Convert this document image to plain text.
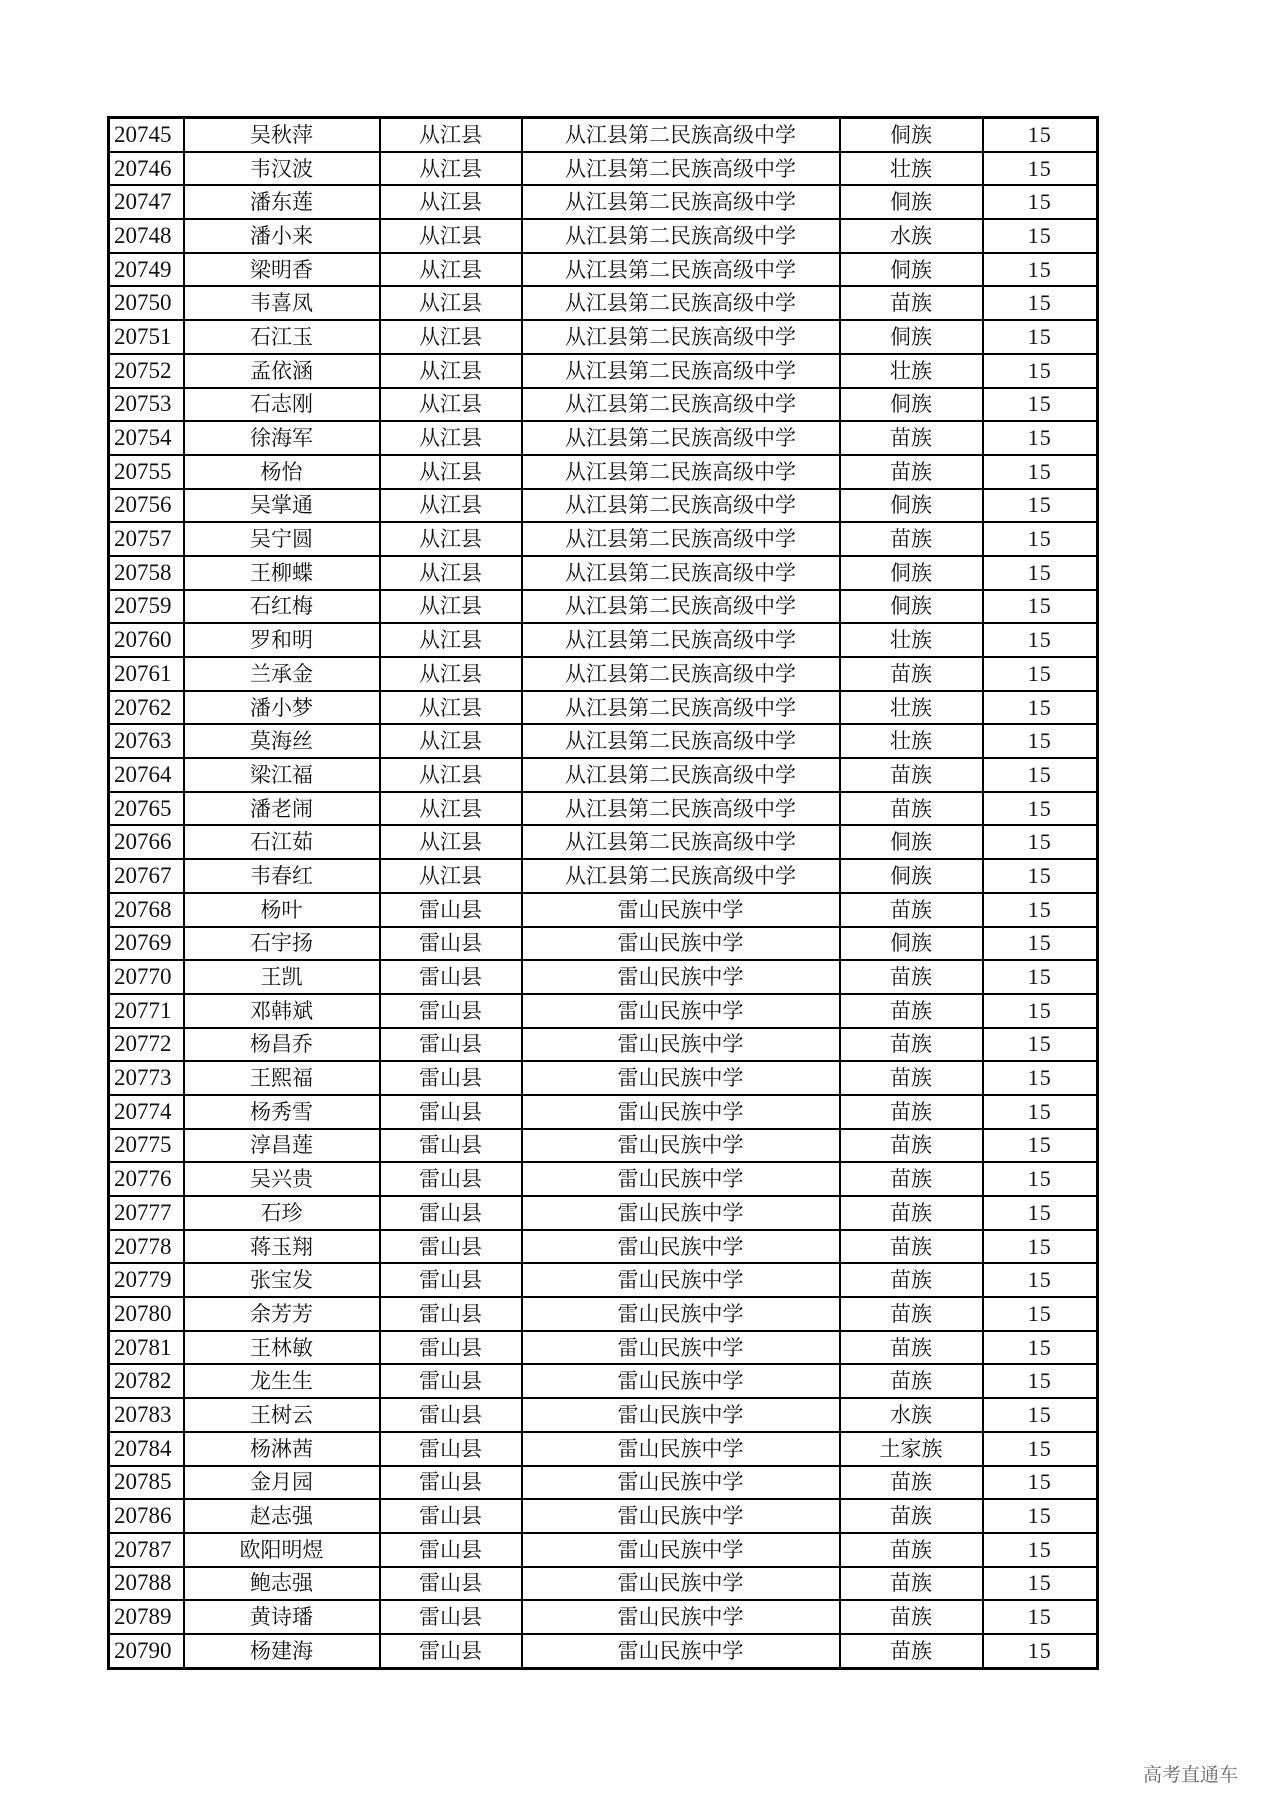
20745	吴秋萍	从江县	从江县第二民族高级中学	侗族	15
20746	韦汉波	从江县	从江县第二民族高级中学	壮族	15
20747	潘东莲	从江县	从江县第二民族高级中学	侗族	15
20748	潘小来	从江县	从江县第二民族高级中学	水族	15
20749	梁明香	从江县	从江县第二民族高级中学	侗族	15
20750	韦喜凤	从江县	从江县第二民族高级中学	苗族	15
20751	石江玉	从江县	从江县第二民族高级中学	侗族	15
20752	孟依涵	从江县	从江县第二民族高级中学	壮族	15
20753	石志刚	从江县	从江县第二民族高级中学	侗族	15
20754	徐海军	从江县	从江县第二民族高级中学	苗族	15
20755	杨怡	从江县	从江县第二民族高级中学	苗族	15
20756	吴掌通	从江县	从江县第二民族高级中学	侗族	15
20757	吴宁圆	从江县	从江县第二民族高级中学	苗族	15
20758	王柳蝶	从江县	从江县第二民族高级中学	侗族	15
20759	石红梅	从江县	从江县第二民族高级中学	侗族	15
20760	罗和明	从江县	从江县第二民族高级中学	壮族	15
20761	兰承金	从江县	从江县第二民族高级中学	苗族	15
20762	潘小梦	从江县	从江县第二民族高级中学	壮族	15
20763	莫海丝	从江县	从江县第二民族高级中学	壮族	15
20764	梁江福	从江县	从江县第二民族高级中学	苗族	15
20765	潘老闹	从江县	从江县第二民族高级中学	苗族	15
20766	石江茹	从江县	从江县第二民族高级中学	侗族	15
20767	韦春红	从江县	从江县第二民族高级中学	侗族	15
20768	杨叶	雷山县	雷山民族中学	苗族	15
20769	石宇扬	雷山县	雷山民族中学	侗族	15
20770	王凯	雷山县	雷山民族中学	苗族	15
20771	邓韩斌	雷山县	雷山民族中学	苗族	15
20772	杨昌乔	雷山县	雷山民族中学	苗族	15
20773	王熙福	雷山县	雷山民族中学	苗族	15
20774	杨秀雪	雷山县	雷山民族中学	苗族	15
20775	淳昌莲	雷山县	雷山民族中学	苗族	15
20776	吴兴贵	雷山县	雷山民族中学	苗族	15
20777	石珍	雷山县	雷山民族中学	苗族	15
20778	蒋玉翔	雷山县	雷山民族中学	苗族	15
20779	张宝发	雷山县	雷山民族中学	苗族	15
20780	余芳芳	雷山县	雷山民族中学	苗族	15
20781	王林敏	雷山县	雷山民族中学	苗族	15
20782	龙生生	雷山县	雷山民族中学	苗族	15
20783	王树云	雷山县	雷山民族中学	水族	15
20784	杨淋茜	雷山县	雷山民族中学	土家族	15
20785	金月园	雷山县	雷山民族中学	苗族	15
20786	赵志强	雷山县	雷山民族中学	苗族	15
20787	欧阳明煜	雷山县	雷山民族中学	苗族	15
20788	鲍志强	雷山县	雷山民族中学	苗族	15
20789	黄诗璠	雷山县	雷山民族中学	苗族	15
20790	杨建海	雷山县	雷山民族中学	苗族	15
高考直通车
